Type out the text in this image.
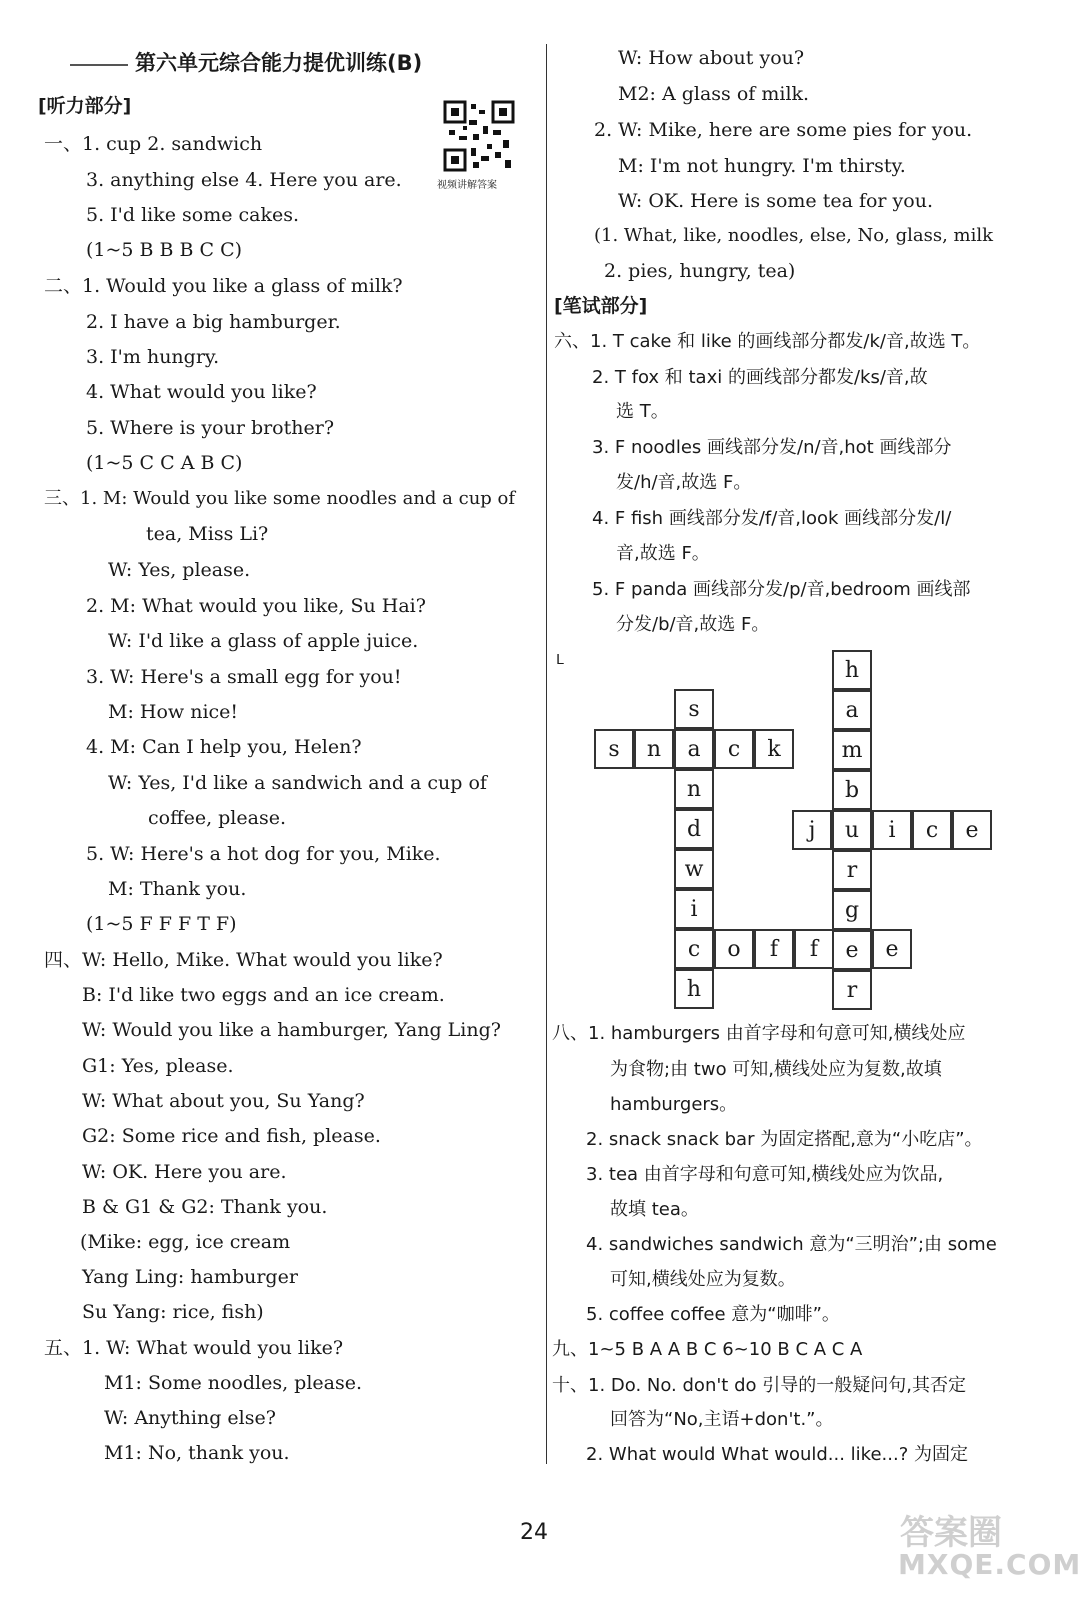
第六单元综合能力提优训练(B)
视频讲解答案
[听力部分]
一、1. cup 2. sandwich
3. anything else 4. Here you are.
5. I'd like some cakes.
(1~5 B B B C C)
二、1. Would you like a glass of milk?
2. I have a big hamburger.
3. I'm hungry.
4. What would you like?
5. Where is your brother?
(1~5 C C A B C)
三、1. M: Would you like some noodles and a cup of
tea, Miss Li?
W: Yes, please.
2. M: What would you like, Su Hai?
W: I'd like a glass of apple juice.
3. W: Here's a small egg for you!
M: How nice!
4. M: Can I help you, Helen?
W: Yes, I'd like a sandwich and a cup of
coffee, please.
5. W: Here's a hot dog for you, Mike.
M: Thank you.
(1~5 F F F T F)
四、W: Hello, Mike. What would you like?
B: I'd like two eggs and an ice cream.
W: Would you like a hamburger, Yang Ling?
G1: Yes, please.
W: What about you, Su Yang?
G2: Some rice and fish, please.
W: OK. Here you are.
B & G1 & G2: Thank you.
(Mike: egg, ice cream
Yang Ling: hamburger
Su Yang: rice, fish)
五、1. W: What would you like?
M1: Some noodles, please.
W: Anything else?
M1: No, thank you.
W: How about you?
M2: A glass of milk.
2. W: Mike, here are some pies for you.
M: I'm not hungry. I'm thirsty.
W: OK. Here is some tea for you.
(1. What, like, noodles, else, No, glass, milk
2. pies, hungry, tea)
[笔试部分]
六、1. T cake 和 like 的画线部分都发/k/音,故选 T。
2. T fox 和 taxi 的画线部分都发/ks/音,故
选 T。
3. F noodles 画线部分发/n/音,hot 画线部分
发/h/音,故选 F。
4. F fish 画线部分发/f/音,look 画线部分发/l/
音,故选 F。
5. F panda 画线部分发/p/音,bedroom 画线部
分发/b/音,故选 F。
ᒪ
s	n	a	c	k
s
n
d
w
i
c
h
h
a
m
b
u
r
g
e
r
j	i	c	e
o	f	f	e
八、1. hamburgers 由首字母和句意可知,横线处应
为食物;由 two 可知,横线处应为复数,故填
hamburgers。
2. snack snack bar 为固定搭配,意为“小吃店”。
3. tea 由首字母和句意可知,横线处应为饮品,
故填 tea。
4. sandwiches sandwich 意为“三明治”;由 some
可知,横线处应为复数。
5. coffee coffee 意为“咖啡”。
九、1~5 B A A B C 6~10 B C A C A
十、1. Do. No. don't do 引导的一般疑问句,其否定
回答为“No,主语+don't.”。
2. What would What would... like...? 为固定
24	答案圈
MXQE.COM
